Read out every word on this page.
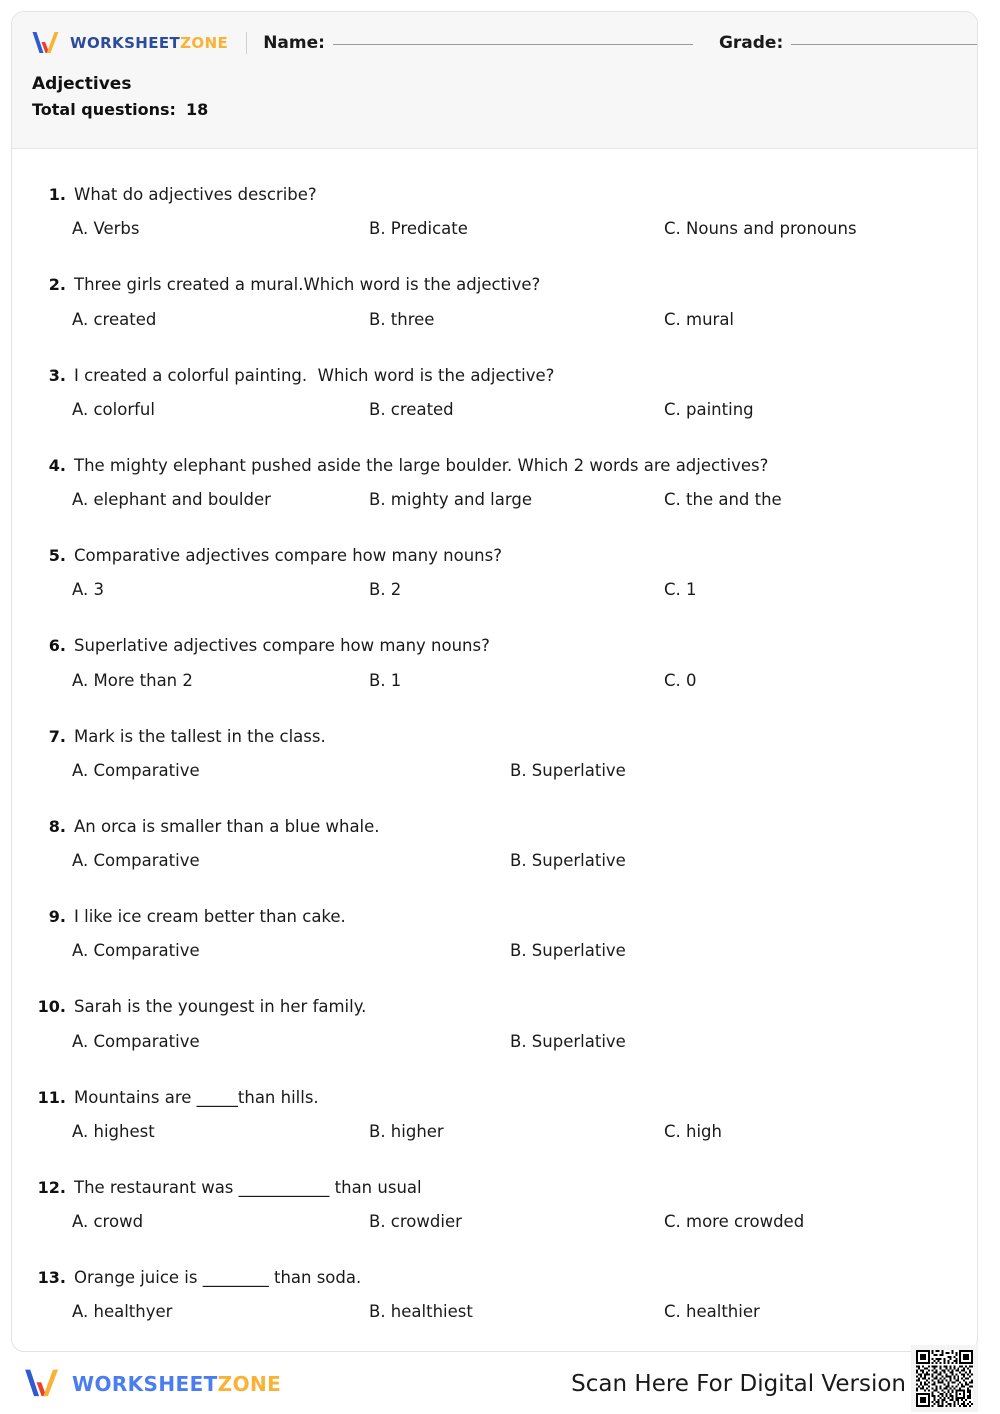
WORKSHEETZONE Name:	Grade:
Adjectives
Total questions: 18
1. What do adjectives describe?
A. Verbs	B. Predicate	C. Nouns and pronouns
2. Three girls created a mural.Which word is the adjective?
A. created	B. three	C. mural
3. I created a colorful painting.  Which word is the adjective?
A. colorful	B. created	C. painting
4. The mighty elephant pushed aside the large boulder. Which 2 words are adjectives?
A. elephant and boulder	B. mighty and large	C. the and the
5. Comparative adjectives compare how many nouns?
A. 3	B. 2	C. 1
6. Superlative adjectives compare how many nouns?
A. More than 2	B. 1	C. 0
7. Mark is the tallest in the class.
A. Comparative	B. Superlative
8. An orca is smaller than a blue whale.
A. Comparative	B. Superlative
9. I like ice cream better than cake.
A. Comparative	B. Superlative
10. Sarah is the youngest in her family.
A. Comparative	B. Superlative
11. Mountains are _____than hills.
A. highest	B. higher	C. high
12. The restaurant was ___________ than usual
A. crowd	B. crowdier	C. more crowded
13. Orange juice is ________ than soda.
A. healthyer	B. healthiest	C. healthier
WORKSHEETZONE	Scan Here For Digital Version
